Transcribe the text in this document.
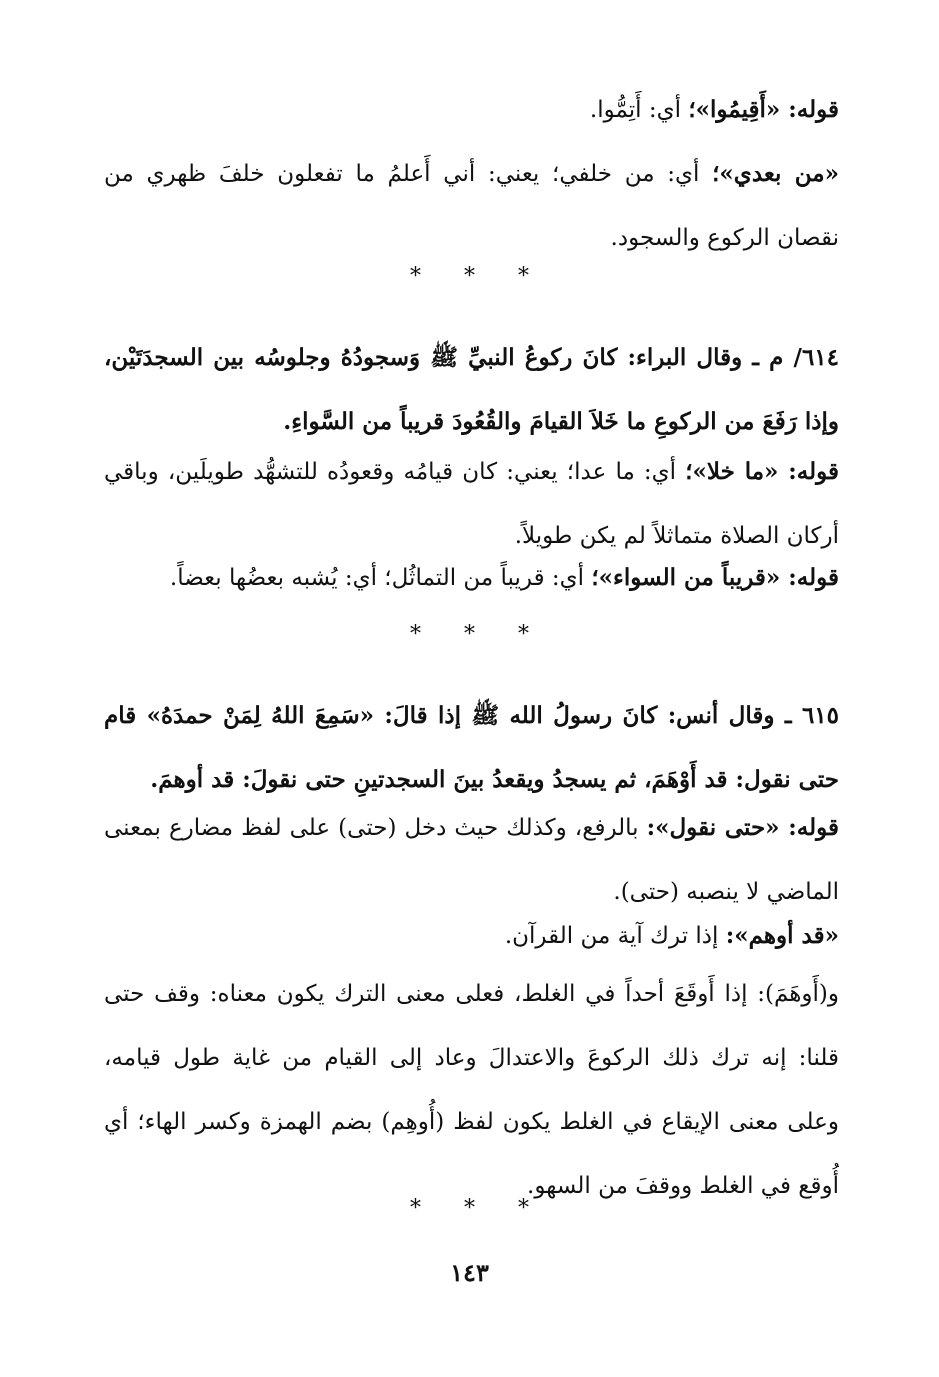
قوله: «أَقِيمُوا»؛ أي: أَتِمُّوا.

«من بعدي»؛ أي: من خلفي؛ يعني: أني أَعلمُ ما تفعلون خلفَ ظهري من نقصان الركوع والسجود.

* * *

٦١٤/ م ـ وقال البراء: كانَ ركوعُ النبيِّ ﷺ وَسجودُهُ وجلوسُه بين السجدَتَيْن، وإذا رَفَعَ من الركوعِ ما خَلاَ القيامَ والقُعُودَ قريباً من السَّواءِ.

قوله: «ما خلا»؛ أي: ما عدا؛ يعني: كان قيامُه وقعودُه للتشهُّد طويلَين، وباقي أركان الصلاة متماثلاً لم يكن طويلاً.

قوله: «قريباً من السواء»؛ أي: قريباً من التماثُل؛ أي: يُشبه بعضُها بعضاً.

* * *

٦١٥ ـ وقال أنس: كانَ رسولُ الله ﷺ إذا قالَ: «سَمِعَ اللهُ لِمَنْ حمدَهُ» قام حتى نقول: قد أَوْهَمَ، ثم يسجدُ ويقعدُ بينَ السجدتينِ حتى نقولَ: قد أوهمَ.

قوله: «حتى نقول»: بالرفع، وكذلك حيث دخل (حتى) على لفظ مضارع بمعنى الماضي لا ينصبه (حتى).

«قد أوهم»: إذا ترك آية من القرآن.

و(أَوهَمَ): إذا أَوقَعَ أحداً في الغلط، فعلى معنى الترك يكون معناه: وقف حتى قلنا: إنه ترك ذلك الركوعَ والاعتدالَ وعاد إلى القيام من غاية طول قيامه، وعلى معنى الإيقاع في الغلط يكون لفظ (أُوهِم) بضم الهمزة وكسر الهاء؛ أي أُوقع في الغلط ووقفَ من السهو.

* * *
١٤٣
